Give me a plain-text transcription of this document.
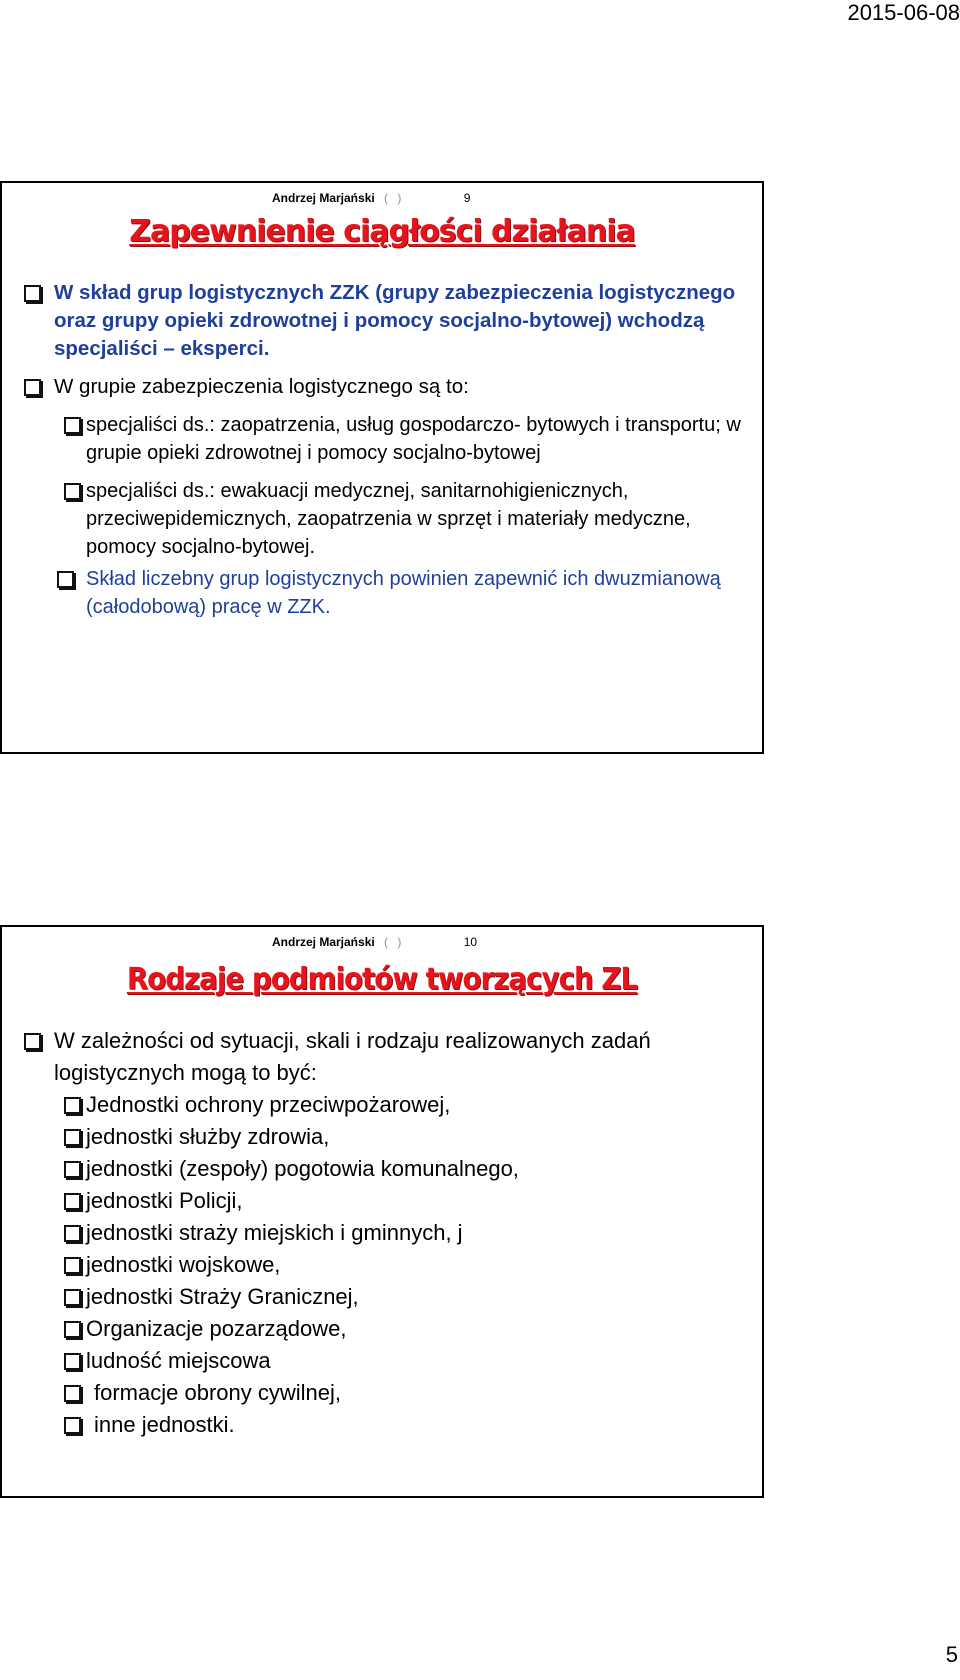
2015-06-08
Andrzej Marjański ( )	9
Zapewnienie ciągłości działania
W skład grup logistycznych ZZK (grupy zabezpieczenia logistycznego oraz grupy opieki zdrowotnej i pomocy socjalno-bytowej) wchodzą specjaliści – eksperci.
W grupie zabezpieczenia logistycznego są to:
specjaliści ds.: zaopatrzenia, usług gospodarczo- bytowych i transportu; w grupie opieki zdrowotnej i pomocy socjalno-bytowej
specjaliści ds.: ewakuacji medycznej, sanitarnohigienicznych, przeciwepidemicznych, zaopatrzenia w sprzęt i materiały medyczne, pomocy socjalno-bytowej.
Skład liczebny grup logistycznych powinien zapewnić ich dwuzmianową (całodobową) pracę w ZZK.
Andrzej Marjański ( )	10
Rodzaje podmiotów tworzących ZL
W zależności od sytuacji, skali i rodzaju realizowanych zadań logistycznych mogą to być:
Jednostki ochrony przeciwpożarowej,
jednostki służby zdrowia,
jednostki (zespoły) pogotowia komunalnego,
jednostki Policji,
jednostki straży miejskich i gminnych, j
jednostki wojskowe,
jednostki Straży Granicznej,
Organizacje pozarządowe,
ludność miejscowa
formacje obrony cywilnej,
inne jednostki.
5
